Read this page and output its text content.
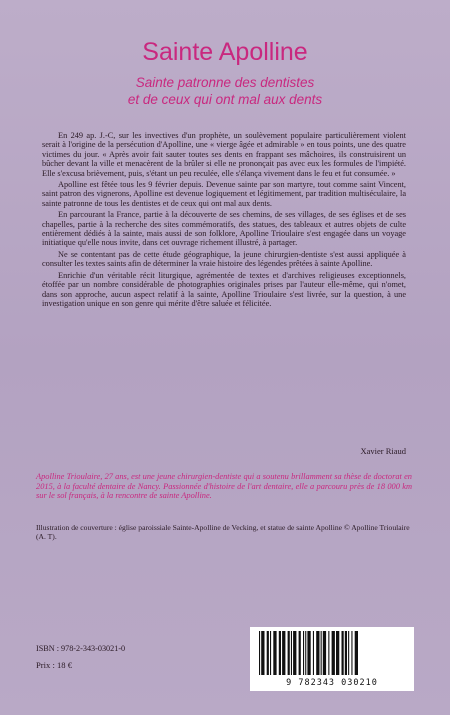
Sainte Apolline
Sainte patronne des dentistes
et de ceux qui ont mal aux dents

En 249 ap. J.-C, sur les invectives d'un prophète, un soulèvement populaire particulièrement violent serait à l'origine de la persécution d'Apolline, une « vierge âgée et admirable » en tous points, une des quatre victimes du jour. « Après avoir fait sauter toutes ses dents en frappant ses mâchoires, ils construisirent un bûcher devant la ville et menacèrent de la brûler si elle ne prononçait pas avec eux les formules de l'impiété. Elle s'excusa brièvement, puis, s'étant un peu reculée, elle s'élança vivement dans le feu et fut consumée. »

Apolline est fêtée tous les 9 février depuis. Devenue sainte par son martyre, tout comme saint Vincent, saint patron des vignerons, Apolline est devenue logiquement et légitimement, par tradition multiséculaire, la sainte patronne de tous les dentistes et de ceux qui ont mal aux dents.

En parcourant la France, partie à la découverte de ses chemins, de ses villages, de ses églises et de ses chapelles, partie à la recherche des sites commémoratifs, des statues, des tableaux et autres objets de culte entièrement dédiés à la sainte, mais aussi de son folklore, Apolline Trioulaire s'est engagée dans un voyage initiatique qu'elle nous invite, dans cet ouvrage richement illustré, à partager.

Ne se contentant pas de cette étude géographique, la jeune chirurgien-dentiste s'est aussi appliquée à consulter les textes saints afin de déterminer la vraie histoire des légendes prêtées à sainte Apolline.

Enrichie d'un véritable récit liturgique, agrémentée de textes et d'archives religieuses exceptionnels, étoffée par un nombre considérable de photographies originales prises par l'auteur elle-même, qui n'omet, dans son approche, aucun aspect relatif à la sainte, Apolline Trioulaire s'est livrée, sur la question, à une investigation unique en son genre qui mérite d'être saluée et félicitée.

Xavier Riaud
Apolline Trioulaire, 27 ans, est une jeune chirurgien-dentiste qui a soutenu brillamment sa thèse de doctorat en 2015, à la faculté dentaire de Nancy. Passionnée d'histoire de l'art dentaire, elle a parcouru près de 18 000 km sur le sol français, à la rencontre de sainte Apolline.
Illustration de couverture : église paroissiale Sainte-Apolline de Vecking, et statue de sainte Apolline © Apolline Trioulaire (A. T).
ISBN : 978-2-343-03021-0
Prix : 18 €
9 782343 030210
